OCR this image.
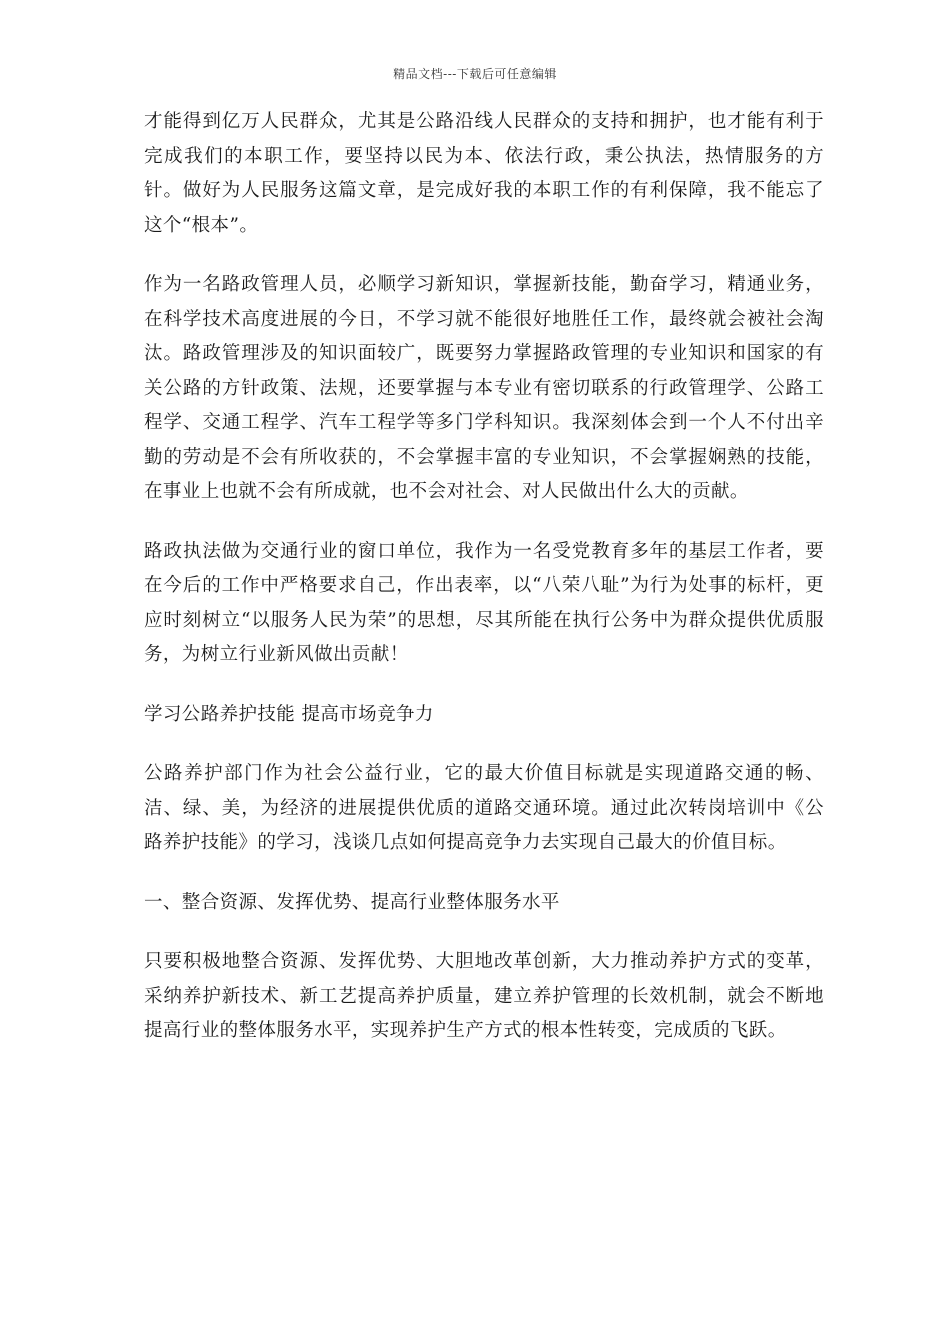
精品文档---下载后可任意编辑

才能得到亿万人民群众，尤其是公路沿线人民群众的支持和拥护，也才能有利于完成我们的本职工作，要坚持以民为本、依法行政，秉公执法，热情服务的方针。做好为人民服务这篇文章，是完成好我的本职工作的有利保障，我不能忘了这个“根本”。

作为一名路政管理人员，必顺学习新知识，掌握新技能，勤奋学习，精通业务，在科学技术高度进展的今日，不学习就不能很好地胜任工作，最终就会被社会淘汰。路政管理涉及的知识面较广，既要努力掌握路政管理的专业知识和国家的有关公路的方针政策、法规，还要掌握与本专业有密切联系的行政管理学、公路工程学、交通工程学、汽车工程学等多门学科知识。我深刻体会到一个人不付出辛勤的劳动是不会有所收获的，不会掌握丰富的专业知识，不会掌握娴熟的技能，在事业上也就不会有所成就，也不会对社会、对人民做出什么大的贡献。

路政执法做为交通行业的窗口单位，我作为一名受党教育多年的基层工作者，要在今后的工作中严格要求自己，作出表率，以“八荣八耻”为行为处事的标杆，更应时刻树立“以服务人民为荣”的思想，尽其所能在执行公务中为群众提供优质服务，为树立行业新风做出贡献！

学习公路养护技能 提高市场竞争力

公路养护部门作为社会公益行业，它的最大价值目标就是实现道路交通的畅、洁、绿、美，为经济的进展提供优质的道路交通环境。通过此次转岗培训中《公路养护技能》的学习，浅谈几点如何提高竞争力去实现自己最大的价值目标。

一、整合资源、发挥优势、提高行业整体服务水平

只要积极地整合资源、发挥优势、大胆地改革创新，大力推动养护方式的变革，采纳养护新技术、新工艺提高养护质量，建立养护管理的长效机制，就会不断地提高行业的整体服务水平，实现养护生产方式的根本性转变，完成质的飞跃。
